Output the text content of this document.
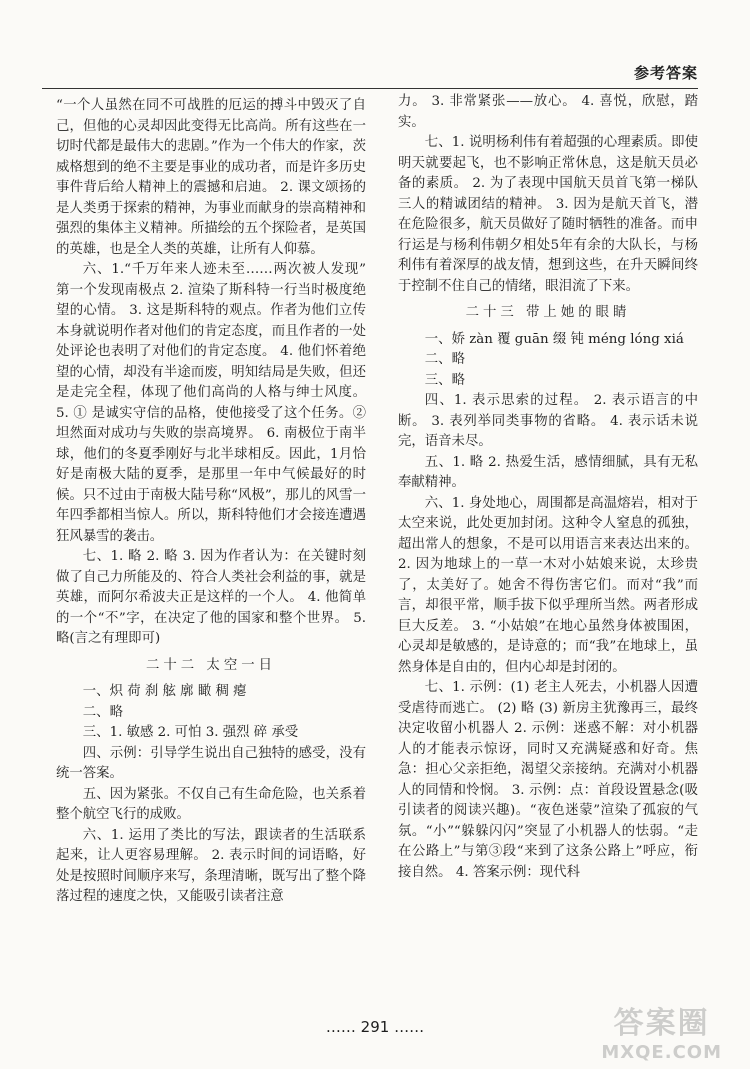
参考答案

“一个人虽然在同不可战胜的厄运的搏斗中毁灭了自己，但他的心灵却因此变得无比高尚。所有这些在一切时代都是最伟大的悲剧。”作为一个伟大的作家，茨威格想到的绝不主要是事业的成功者，而是许多历史事件背后给人精神上的震撼和启迪。 2. 课文颂扬的是人类勇于探索的精神，为事业而献身的崇高精神和强烈的集体主义精神。所描绘的五个探险者，是英国的英雄，也是全人类的英雄，让所有人仰慕。

六、1.“千万年来人迹未至……两次被人发现” 第一个发现南极点 2. 渲染了斯科特一行当时极度绝望的心情。 3. 这是斯科特的观点。作者为他们立传本身就说明作者对他们的肯定态度，而且作者的一处处评论也表明了对他们的肯定态度。 4. 他们怀着绝望的心情，却没有半途而废，明知结局是失败，但还是走完全程，体现了他们高尚的人格与绅士风度。 5. ① 是诚实守信的品格，使他接受了这个任务。② 坦然面对成功与失败的崇高境界。 6. 南极位于南半球，他们的冬夏季刚好与北半球相反。因此，1月恰好是南极大陆的夏季，是那里一年中气候最好的时候。只不过由于南极大陆号称“风极”，那儿的风雪一年四季都相当惊人。所以，斯科特他们才会接连遭遇狂风暴雪的袭击。

七、1. 略 2. 略 3. 因为作者认为：在关键时刻做了自己力所能及的、符合人类社会利益的事，就是英雄，而阿尔希波夫正是这样的一个人。 4. 他简单的一个“不”字，在决定了他的国家和整个世界。 5. 略(言之有理即可)

二十二 太空一日

一、炽 荷 刹 舷 廓 瞰 稠 瘪

二、略

三、1. 敏感 2. 可怕 3. 强烈 碎 承受

四、示例：引导学生说出自己独特的感受，没有统一答案。

五、因为紧张。不仅自己有生命危险，也关系着整个航空飞行的成败。

六、1. 运用了类比的写法，跟读者的生活联系起来，让人更容易理解。 2. 表示时间的词语略，好处是按照时间顺序来写，条理清晰，既写出了整个降落过程的速度之快，又能吸引读者注意

力。 3. 非常紧张——放心。 4. 喜悦，欣慰，踏实。

七、1. 说明杨利伟有着超强的心理素质。即使明天就要起飞，也不影响正常休息，这是航天员必备的素质。 2. 为了表现中国航天员首飞第一梯队三人的精诚团结的精神。 3. 因为是航天首飞，潜在危险很多，航天员做好了随时牺牲的准备。而申行运是与杨利伟朝夕相处5年有余的大队长，与杨利伟有着深厚的战友情，想到这些，在升天瞬间终于控制不住自己的情绪，眼泪流了下来。

二十三 带上她的眼睛

一、娇 zàn 覆 guān 缀 钝 méng lóng xiá

二、略

三、略

四、1. 表示思索的过程。 2. 表示语言的中断。 3. 表列举同类事物的省略。 4. 表示话未说完，语音未尽。

五、1. 略 2. 热爱生活，感情细腻，具有无私奉献精神。

六、1. 身处地心，周围都是高温熔岩，相对于太空来说，此处更加封闭。这种令人窒息的孤独，超出常人的想象，不是可以用语言来表达出来的。 2. 因为地球上的一草一木对小姑娘来说，太珍贵了，太美好了。她舍不得伤害它们。而对“我”而言，却很平常，顺手拔下似乎理所当然。两者形成巨大反差。 3. “小姑娘”在地心虽然身体被围困，心灵却是敏感的，是诗意的；而“我”在地球上，虽然身体是自由的，但内心却是封闭的。

七、1. 示例：(1) 老主人死去，小机器人因遭受虐待而逃亡。 (2) 略 (3) 新房主犹豫再三，最终决定收留小机器人 2. 示例：迷惑不解：对小机器人的才能表示惊讶，同时又充满疑惑和好奇。焦急：担心父亲拒绝，渴望父亲接纳。充满对小机器人的同情和怜悯。 3. 示例：点：首段设置悬念(吸引读者的阅读兴趣)。“夜色迷蒙”渲染了孤寂的气氛。“小”“躲躲闪闪”突显了小机器人的怯弱。“走在公路上”与第③段“来到了这条公路上”呼应，衔接自然。 4. 答案示例：现代科

…… 291 ……	答案圈
MXQE.COM
